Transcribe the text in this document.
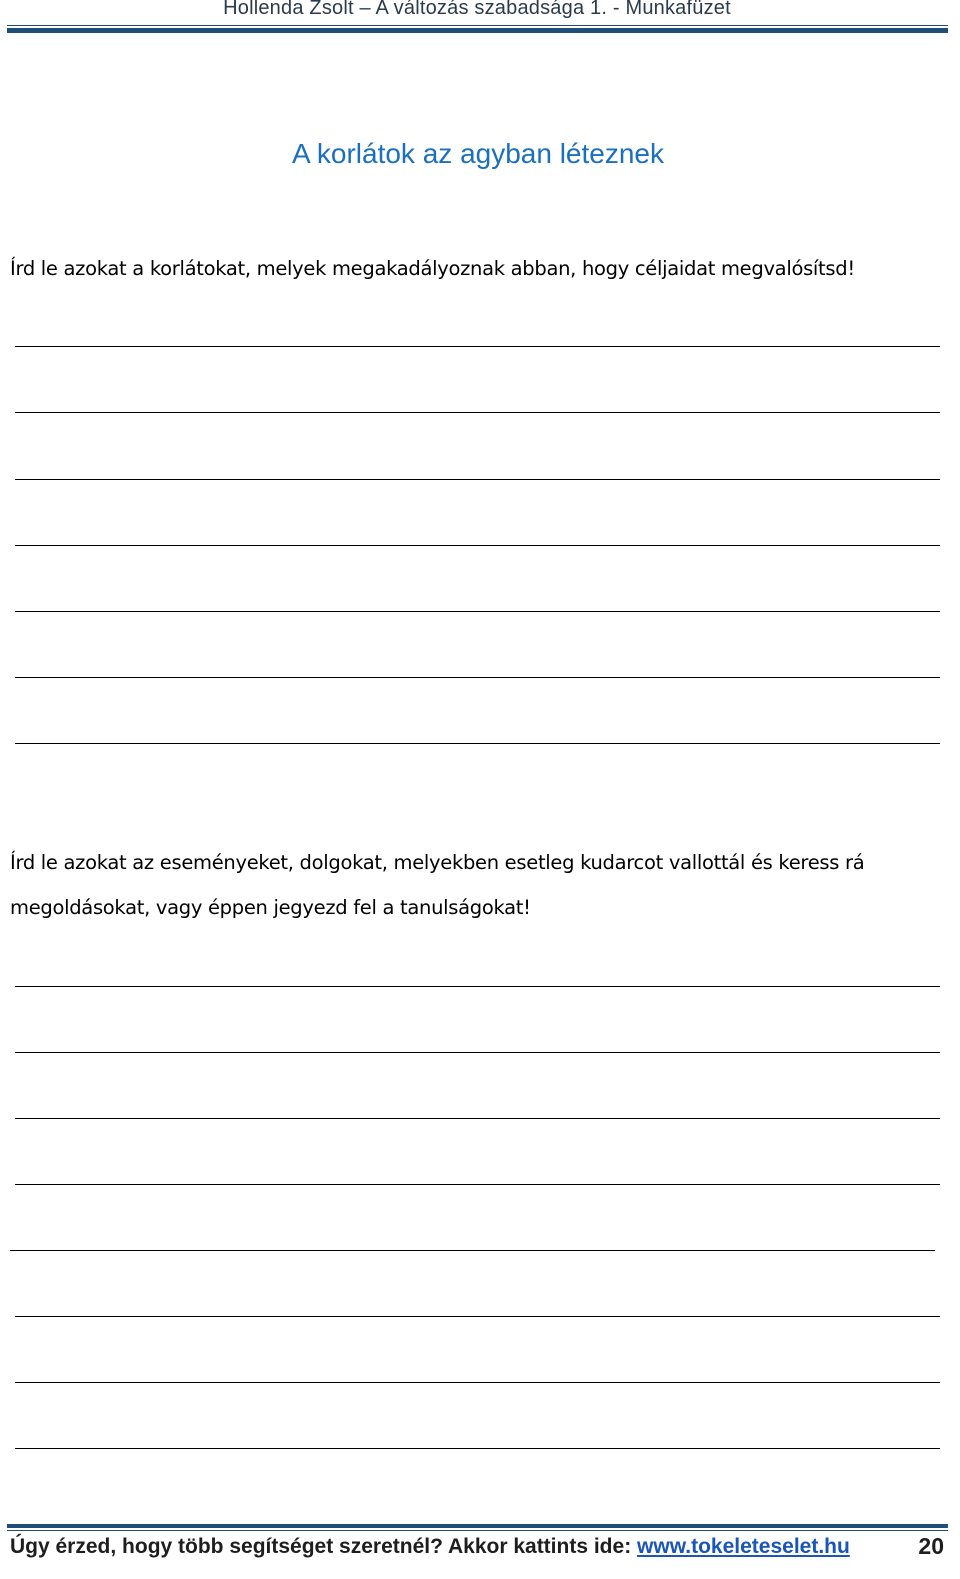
Hollenda Zsolt – A változás szabadsága 1. - Munkafüzet
A korlátok az agyban léteznek
Írd le azokat a korlátokat, melyek megakadályoznak abban, hogy céljaidat megvalósítsd!
Írd le azokat az eseményeket, dolgokat, melyekben esetleg kudarcot vallottál és keress rá
megoldásokat, vagy éppen jegyezd fel a tanulságokat!
Úgy érzed, hogy több segítséget szeretnél? Akkor kattints ide: www.tokeleteselet.hu	20
